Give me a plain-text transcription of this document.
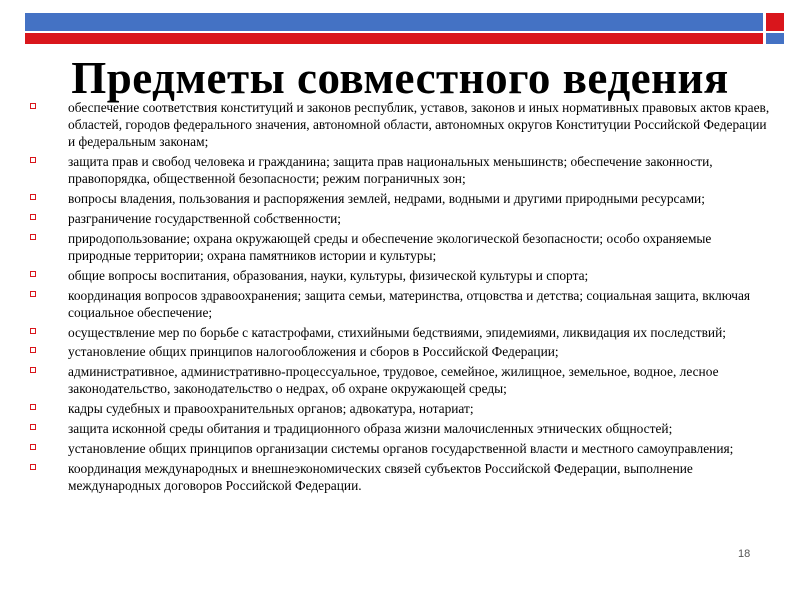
Предметы совместного ведения
обеспечение соответствия конституций и законов республик, уставов, законов и иных нормативных правовых актов краев, областей, городов федерального значения, автономной области, автономных округов Конституции Российской Федерации и федеральным законам;
защита прав и свобод человека и гражданина; защита прав национальных меньшинств; обеспечение законности, правопорядка, общественной безопасности; режим пограничных зон;
вопросы владения, пользования и распоряжения землей, недрами, водными и другими природными ресурсами;
разграничение государственной собственности;
природопользование; охрана окружающей среды и обеспечение экологической безопасности; особо охраняемые природные территории; охрана памятников истории и культуры;
общие вопросы воспитания, образования, науки, культуры, физической культуры и спорта;
координация вопросов здравоохранения; защита семьи, материнства, отцовства и детства; социальная защита, включая социальное обеспечение;
осуществление мер по борьбе с катастрофами, стихийными бедствиями, эпидемиями, ликвидация их последствий;
установление общих принципов налогообложения и сборов в Российской Федерации;
административное, административно-процессуальное, трудовое, семейное, жилищное, земельное, водное, лесное законодательство, законодательство о недрах, об охране окружающей среды;
кадры судебных и правоохранительных органов; адвокатура, нотариат;
защита исконной среды обитания и традиционного образа жизни малочисленных этнических общностей;
установление общих принципов организации системы органов государственной власти и местного самоуправления;
координация международных и внешнеэкономических связей субъектов Российской Федерации, выполнение международных договоров Российской Федерации.
18
